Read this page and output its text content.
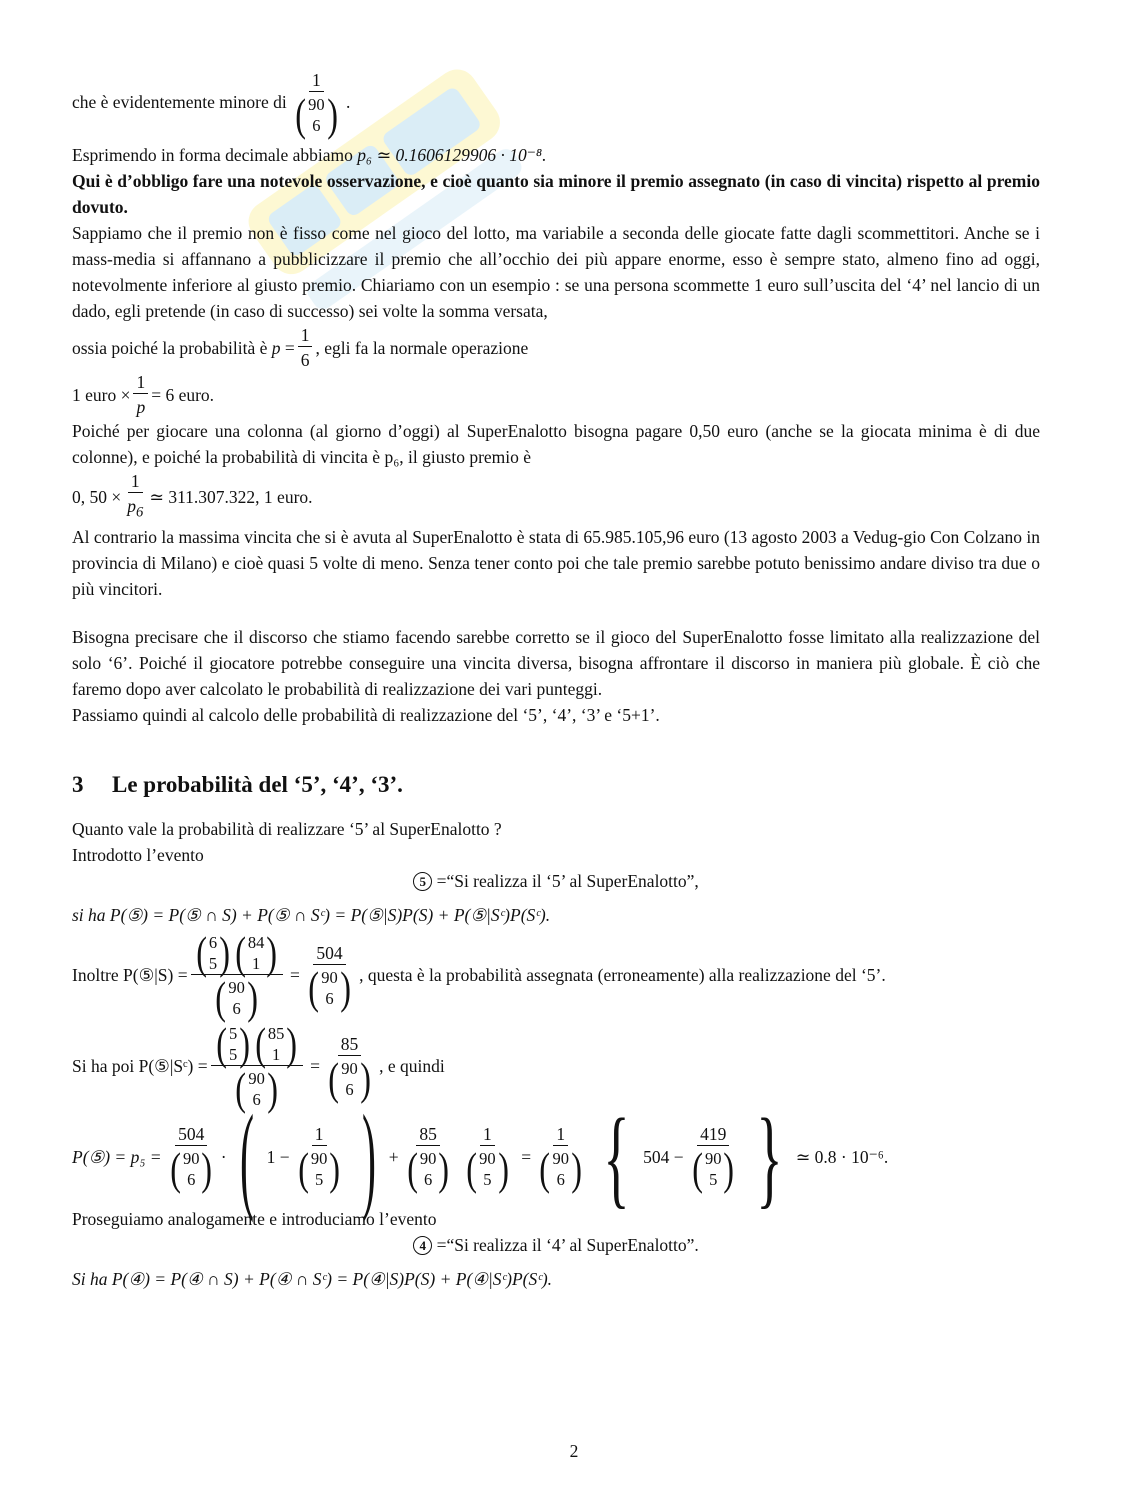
che è evidentemente minore di 1
( 90
6 ) .

Esprimendo in forma decimale abbiamo p₆ ≃ 0.1606129906 · 10⁻⁸.

Qui è d’obbligo fare una notevole osservazione, e cioè quanto sia minore il premio assegnato (in caso di vincita) rispetto al premio dovuto.

Sappiamo che il premio non è fisso come nel gioco del lotto, ma variabile a seconda delle giocate fatte dagli scommettitori. Anche se i mass-media si affannano a pubblicizzare il premio che all’occhio dei più appare enorme, esso è sempre stato, almeno fino ad oggi, notevolmente inferiore al giusto premio. Chiariamo con un esempio : se una persona scommette 1 euro sull’uscita del ‘4’ nel lancio di un dado, egli pretende (in caso di successo) sei volte la somma versata,

ossia poiché la probabilità è
$p = \frac{1}{6}$ , egli fa la normale operazione
1 euro × $\frac{1}{p} = 6$ euro.

Poiché per giocare una colonna (al giorno d’oggi) al SuperEnalotto bisogna pagare 0,50 euro (anche se la giocata minima è di due colonne), e poiché la probabilità di vincita è p₆, il giusto premio è

0, $50 \times \frac{1}{p_6}$ ≃ 311.307.322, 1 euro.

Al contrario la massima vincita che si è avuta al SuperEnalotto è stata di 65.985.105,96 euro (13 agosto 2003 a Vedug-gio Con Colzano in provincia di Milano) e cioè quasi 5 volte di meno. Senza tener conto poi che tale premio sarebbe potuto benissimo andare diviso tra due o più vincitori.

Bisogna precisare che il discorso che stiamo facendo sarebbe corretto se il gioco del SuperEnalotto fosse limitato alla realizzazione del solo ‘6’. Poiché il giocatore potrebbe conseguire una vincita diversa, bisogna affrontare il discorso in maniera più globale. È ciò che faremo dopo aver calcolato le probabilità di realizzazione dei vari punteggi.

Passiamo quindi al calcolo delle probabilità di realizzazione del ‘5’, ‘4’, ‘3’ e ‘5+1’.

3 Le probabilità del ‘5’, ‘4’, ‘3’.

Quanto vale la probabilità di realizzare ‘5’ al SuperEnalotto ?

Introdotto l’evento

5 =“Si realizza il ‘5’ al SuperEnalotto”,

si ha P(⑤) = P(⑤ ∩ S) + P(⑤ ∩ Sᶜ) = P(⑤|S)P(S) + P(⑤|Sᶜ)P(Sᶜ).

Inoltre P(⑤|S) = ( 6
5 ) ( 84
1 )
( 90
6 ) = 504
( 90
6 ) , questa è la probabilità assegnata (erroneamente) alla realizzazione del ‘5’.
Si ha poi P(⑤|Sᶜ) = ( 5
5 ) ( 85
1 )
( 90
6 ) = 85
( 90
6 ) , e quindi
P(⑤) = p₅ = 504
( 90
6 ) · ( 1 − 1
( 90
5 ) ) + 85
( 90
6 ) 1
( 90
5 ) = 1
( 90
6 ) { 504 − 419
( 90
5 ) } ≃ 0.8 · 10⁻⁶.

Proseguiamo analogamente e introduciamo l’evento

4 =“Si realizza il ‘4’ al SuperEnalotto”.

Si ha P(④) = P(④ ∩ S) + P(④ ∩ Sᶜ) = P(④|S)P(S) + P(④|Sᶜ)P(Sᶜ).

2
